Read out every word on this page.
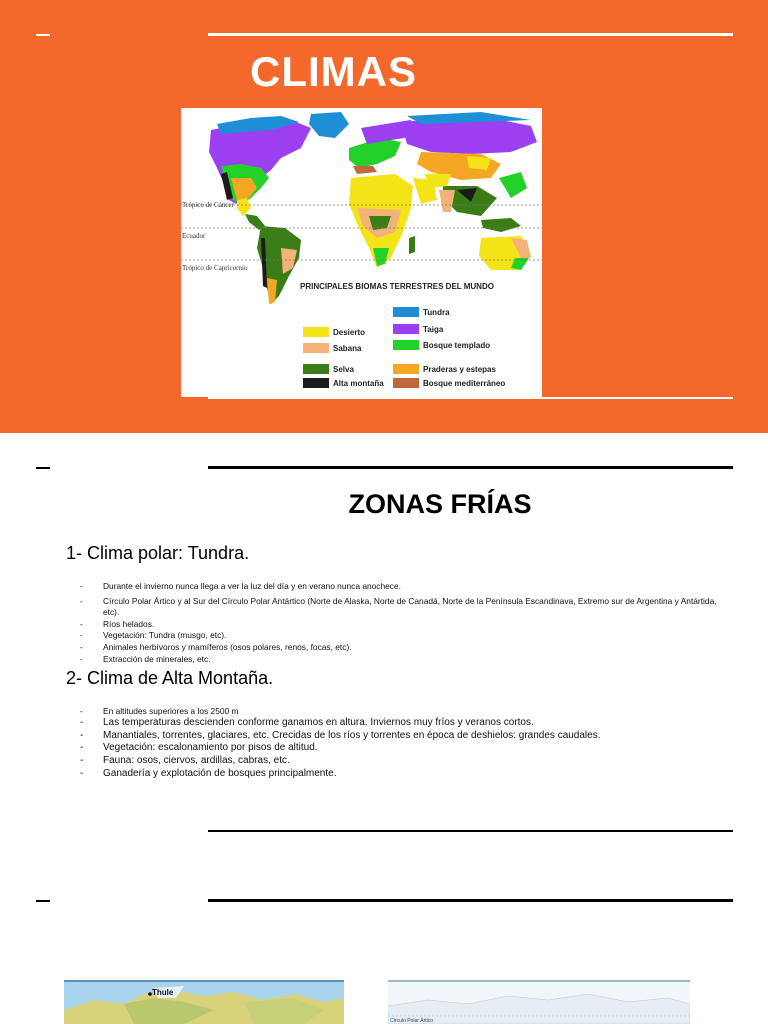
CLIMAS
Trópico de Cáncer
Ecuador
Trópico de Capricornio
PRINCIPALES BIOMAS TERRESTRES DEL MUNDO
Tundra
Desierto	Taiga
Sabana	Bosque templado
Selva	Praderas y estepas
Alta montaña	Bosque mediterráneo
ZONAS FRÍAS
1- Clima polar: Tundra.
- Durante el invierno nunca llega a ver la luz del día y en verano nunca anochece.
- Círculo Polar Ártico y al Sur del Círculo Polar Antártico (Norte de Alaska, Norte de Canadá, Norte de la Península Escandinava, Extremo sur de Argentina y Antártida, etc).
- Ríos helados.
- Vegetación: Tundra (musgo, etc).
- Animales herbívoros y mamíferos (osos polares, renos, focas, etc).
- Extracción de minerales, etc.
2- Clima de Alta Montaña.
- En altitudes superiores a los 2500 m
- Las temperaturas descienden conforme ganamos en altura. Inviernos muy fríos y veranos cortos.
- Manantiales, torrentes, glaciares, etc. Crecidas de los ríos y torrentes en época de deshielos: grandes caudales.
- Vegetación: escalonamiento por pisos de altitud.
- Fauna: osos, ciervos, ardillas, cabras, etc.
- Ganadería y explotación de bosques principalmente.
Thule
Círculo Polar Ártico
